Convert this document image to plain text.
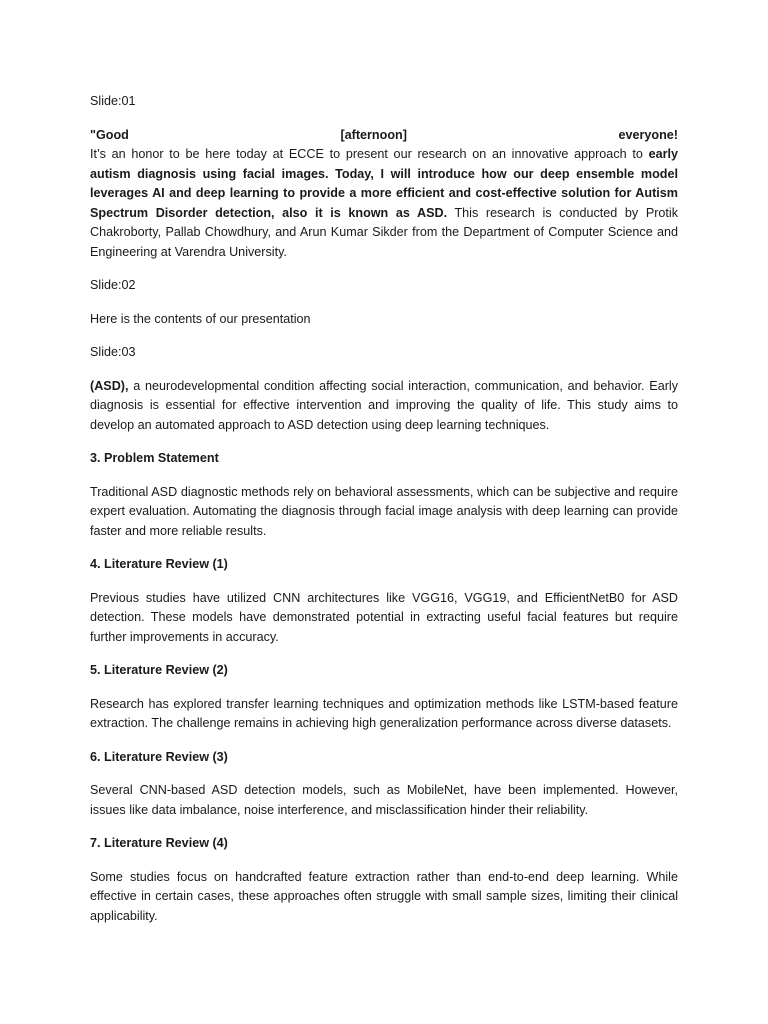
Slide:01

"Good	[afternoon]	everyone!
It’s an honor to be here today at ECCE to present our research on an innovative approach to early autism diagnosis using facial images. Today, I will introduce how our deep ensemble model leverages AI and deep learning to provide a more efficient and cost-effective solution for Autism Spectrum Disorder detection, also it is known as ASD. This research is conducted by Protik Chakroborty, Pallab Chowdhury, and Arun Kumar Sikder from the Department of Computer Science and Engineering at Varendra University.

Slide:02

Here is the contents of our presentation

Slide:03

(ASD), a neurodevelopmental condition affecting social interaction, communication, and behavior. Early diagnosis is essential for effective intervention and improving the quality of life. This study aims to develop an automated approach to ASD detection using deep learning techniques.

3. Problem Statement

Traditional ASD diagnostic methods rely on behavioral assessments, which can be subjective and require expert evaluation. Automating the diagnosis through facial image analysis with deep learning can provide faster and more reliable results.

4. Literature Review (1)

Previous studies have utilized CNN architectures like VGG16, VGG19, and EfficientNetB0 for ASD detection. These models have demonstrated potential in extracting useful facial features but require further improvements in accuracy.

5. Literature Review (2)

Research has explored transfer learning techniques and optimization methods like LSTM-based feature extraction. The challenge remains in achieving high generalization performance across diverse datasets.

6. Literature Review (3)

Several CNN-based ASD detection models, such as MobileNet, have been implemented. However, issues like data imbalance, noise interference, and misclassification hinder their reliability.

7. Literature Review (4)

Some studies focus on handcrafted feature extraction rather than end-to-end deep learning. While effective in certain cases, these approaches often struggle with small sample sizes, limiting their clinical applicability.
